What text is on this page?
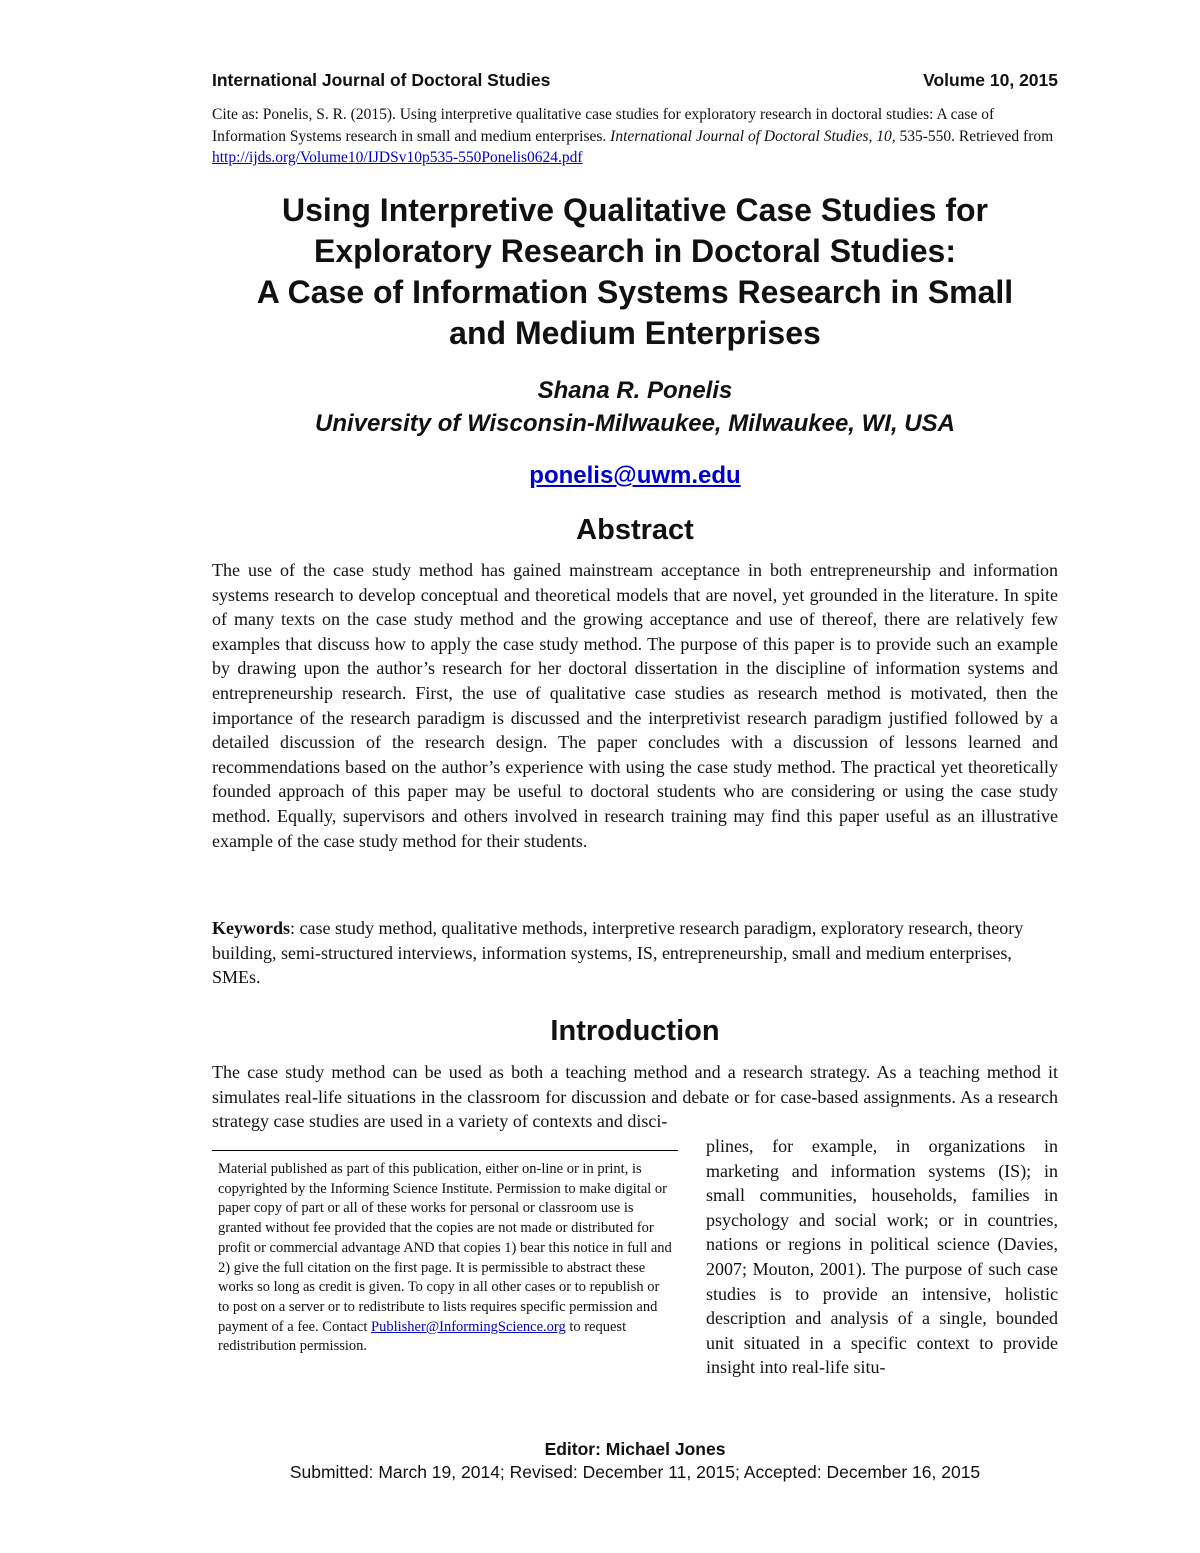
International Journal of Doctoral Studies	Volume 10, 2015
Cite as: Ponelis, S. R. (2015). Using interpretive qualitative case studies for exploratory research in doctoral studies: A case of Information Systems research in small and medium enterprises. International Journal of Doctoral Studies, 10, 535-550. Retrieved from http://ijds.org/Volume10/IJDSv10p535-550Ponelis0624.pdf
Using Interpretive Qualitative Case Studies for
Exploratory Research in Doctoral Studies:
A Case of Information Systems Research in Small
and Medium Enterprises
Shana R. Ponelis
University of Wisconsin-Milwaukee, Milwaukee, WI, USA
ponelis@uwm.edu
Abstract

The use of the case study method has gained mainstream acceptance in both entrepreneurship and information systems research to develop conceptual and theoretical models that are novel, yet grounded in the literature. In spite of many texts on the case study method and the growing acceptance and use of thereof, there are relatively few examples that discuss how to apply the case study method. The purpose of this paper is to provide such an example by drawing upon the author’s research for her doctoral dissertation in the discipline of information systems and entrepreneurship research. First, the use of qualitative case studies as research method is motivated, then the importance of the research paradigm is discussed and the interpretivist research paradigm justified followed by a detailed discussion of the research design. The paper concludes with a discussion of lessons learned and recommendations based on the author’s experience with using the case study method. The practical yet theoretically founded approach of this paper may be useful to doctoral students who are considering or using the case study method. Equally, supervisors and others involved in research training may find this paper useful as an illustrative example of the case study method for their students.

Keywords: case study method, qualitative methods, interpretive research paradigm, exploratory research, theory building, semi-structured interviews, information systems, IS, entrepreneurship, small and medium enterprises, SMEs.

Introduction

The case study method can be used as both a teaching method and a research strategy. As a teaching method it simulates real-life situations in the classroom for discussion and debate or for case-based assignments. As a research strategy case studies are used in a variety of contexts and disci-

plines, for example, in organizations in marketing and information systems (IS); in small communities, households, families in psychology and social work; or in countries, nations or regions in political science (Davies, 2007; Mouton, 2001). The purpose of such case studies is to provide an intensive, holistic description and analysis of a single, bounded unit situated in a specific context to provide insight into real-life situ-

Material published as part of this publication, either on-line or in print, is copyrighted by the Informing Science Institute. Permission to make digital or paper copy of part or all of these works for personal or classroom use is granted without fee provided that the copies are not made or distributed for profit or commercial advantage AND that copies 1) bear this notice in full and 2) give the full citation on the first page. It is permissible to abstract these works so long as credit is given. To copy in all other cases or to republish or to post on a server or to redistribute to lists requires specific permission and payment of a fee. Contact Publisher@InformingScience.org to request redistribution permission.

Editor: Michael Jones
Submitted: March 19, 2014; Revised: December 11, 2015; Accepted: December 16, 2015
